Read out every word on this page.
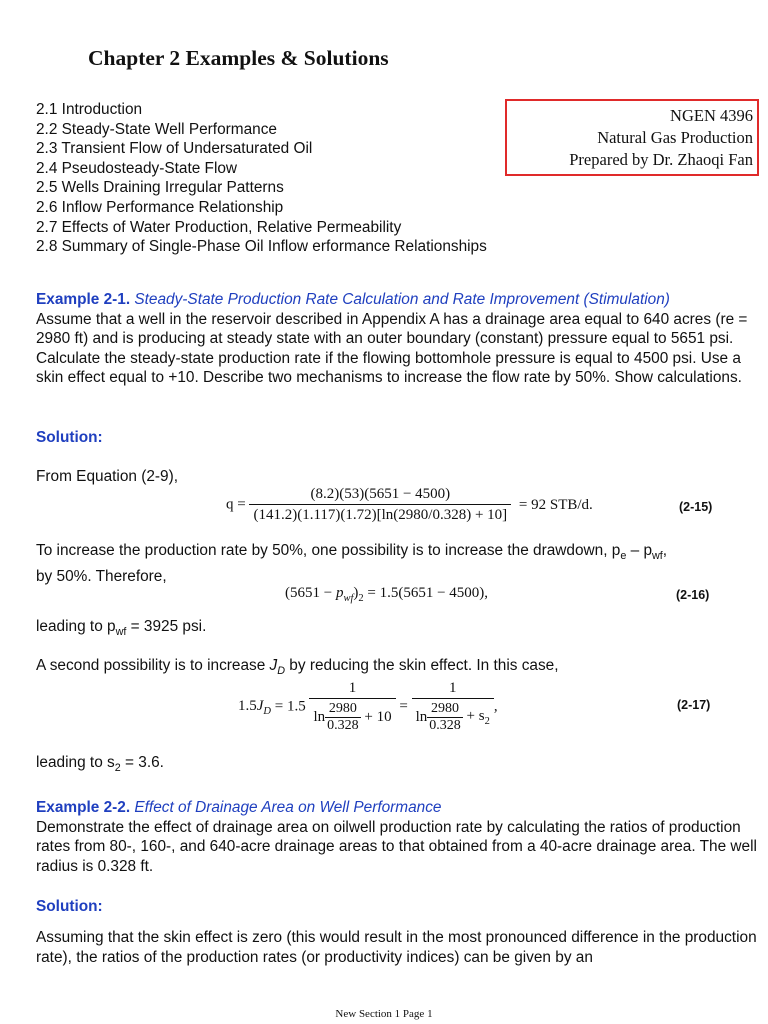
Chapter 2 Examples & Solutions
2.1 Introduction
2.2 Steady-State Well Performance
2.3 Transient Flow of Undersaturated Oil
2.4 Pseudosteady-State Flow
2.5 Wells Draining Irregular Patterns
2.6 Inflow Performance Relationship
2.7 Effects of Water Production, Relative Permeability
2.8 Summary of Single-Phase Oil Inflow erformance Relationships
NGEN 4396
Natural Gas Production
Prepared by Dr. Zhaoqi Fan
Example 2-1. Steady-State Production Rate Calculation and Rate Improvement (Stimulation)
Assume that a well in the reservoir described in Appendix A has a drainage area equal to 640 acres (re = 2980 ft) and is producing at steady state with an outer boundary (constant) pressure equal to 5651 psi. Calculate the steady-state production rate if the flowing bottomhole pressure is equal to 4500 psi. Use a skin effect equal to +10. Describe two mechanisms to increase the flow rate by 50%. Show calculations.
Solution:
From Equation (2-9),
$q = \frac{(8.2)(53)(5651 - 4500)}{(141.2)(1.117)(1.72)[\ln(2980/0.328) + 10]} = 92$ STB/d.	(2-15)
To increase the production rate by 50%, one possibility is to increase the drawdown, $p_e - p_{wf}$,
by 50%. Therefore,
$(5651 - p_{wf})_2 = 1.5(5651 - 4500)$,	(2-16)
leading to $p_{wf} = 3925$ psi.
A second possibility is to increase $J_D$ by reducing the skin effect. In this case,
$1.5J_D = 1.5 \frac{1}{\ln \frac{2980}{0.328} + 10} = \frac{1}{\ln \frac{2980}{0.328} + s_2}$ ,	(2-17)
leading to $s_2 = 3.6$.
Example 2-2. Effect of Drainage Area on Well Performance
Demonstrate the effect of drainage area on oilwell production rate by calculating the ratios of production rates from 80-, 160-, and 640-acre drainage areas to that obtained from a 40-acre drainage area. The well radius is 0.328 ft.
Solution:
Assuming that the skin effect is zero (this would result in the most pronounced difference in the production rate), the ratios of the production rates (or productivity indices) can be given by an
New Section 1 Page 1
